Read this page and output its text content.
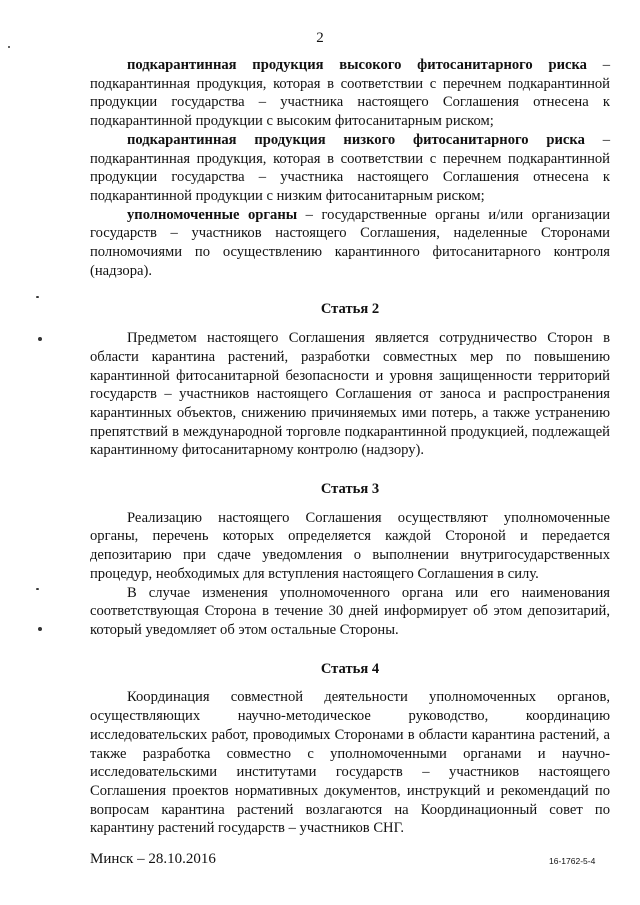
2

подкарантинная продукция высокого фитосанитарного риска – подкарантинная продукция, которая в соответствии с перечнем подкарантинной продукции государства – участника настоящего Соглашения отнесена к подкарантинной продукции с высоким фитосанитарным риском;

подкарантинная продукция низкого фитосанитарного риска – подкарантинная продукция, которая в соответствии с перечнем подкарантинной продукции государства – участника настоящего Соглашения отнесена к подкарантинной продукции с низким фитосанитарным риском;

уполномоченные органы – государственные органы и/или организации государств – участников настоящего Соглашения, наделенные Сторонами полномочиями по осуществлению карантинного фитосанитарного контроля (надзора).

Статья 2

Предметом настоящего Соглашения является сотрудничество Сторон в области карантина растений, разработки совместных мер по повышению карантинной фитосанитарной безопасности и уровня защищенности территорий государств – участников настоящего Соглашения от заноса и распространения карантинных объектов, снижению причиняемых ими потерь, а также устранению препятствий в международной торговле подкарантинной продукцией, подлежащей карантинному фитосанитарному контролю (надзору).

Статья 3

Реализацию настоящего Соглашения осуществляют уполномоченные органы, перечень которых определяется каждой Стороной и передается депозитарию при сдаче уведомления о выполнении внутригосударственных процедур, необходимых для вступления настоящего Соглашения в силу.

В случае изменения уполномоченного органа или его наименования соответствующая Сторона в течение 30 дней информирует об этом депозитарий, который уведомляет об этом остальные Стороны.

Статья 4

Координация совместной деятельности уполномоченных органов, осуществляющих научно-методическое руководство, координацию исследовательских работ, проводимых Сторонами в области карантина растений, а также разработка совместно с уполномоченными органами и научно-исследовательскими институтами государств – участников настоящего Соглашения проектов нормативных документов, инструкций и рекомендаций по вопросам карантина растений возлагаются на Координационный совет по карантину растений государств – участников СНГ.

Минск – 28.10.2016	16-1762-5-4
